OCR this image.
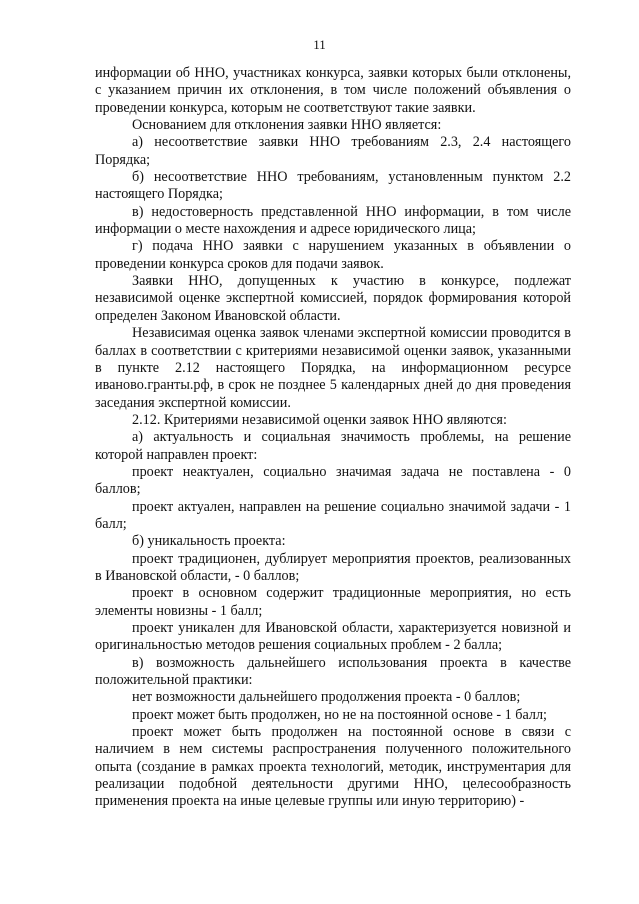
11

информации об ННО, участниках конкурса, заявки которых были отклонены, с указанием причин их отклонения, в том числе положений объявления о проведении конкурса, которым не соответствуют такие заявки.

Основанием для отклонения заявки ННО является:

а) несоответствие заявки ННО требованиям 2.3, 2.4 настоящего Порядка;

б) несоответствие ННО требованиям, установленным пунктом 2.2 настоящего Порядка;

в) недостоверность представленной ННО информации, в том числе информации о месте нахождения и адресе юридического лица;

г) подача ННО заявки с нарушением указанных в объявлении о проведении конкурса сроков для подачи заявок.

Заявки ННО, допущенных к участию в конкурсе, подлежат независимой оценке экспертной комиссией, порядок формирования которой определен Законом Ивановской области.

Независимая оценка заявок членами экспертной комиссии проводится в баллах в соответствии с критериями независимой оценки заявок, указанными в пункте 2.12 настоящего Порядка, на информационном ресурсе иваново.гранты.рф, в срок не позднее 5 календарных дней до дня проведения заседания экспертной комиссии.

2.12. Критериями независимой оценки заявок ННО являются:

а) актуальность и социальная значимость проблемы, на решение которой направлен проект:

проект неактуален, социально значимая задача не поставлена - 0 баллов;

проект актуален, направлен на решение социально значимой задачи - 1 балл;

б) уникальность проекта:

проект традиционен, дублирует мероприятия проектов, реализованных в Ивановской области, - 0 баллов;

проект в основном содержит традиционные мероприятия, но есть элементы новизны - 1 балл;

проект уникален для Ивановской области, характеризуется новизной и оригинальностью методов решения социальных проблем - 2 балла;

в) возможность дальнейшего использования проекта в качестве положительной практики:

нет возможности дальнейшего продолжения проекта - 0 баллов;

проект может быть продолжен, но не на постоянной основе - 1 балл;

проект может быть продолжен на постоянной основе в связи с наличием в нем системы распространения полученного положительного опыта (создание в рамках проекта технологий, методик, инструментария для реализации подобной деятельности другими ННО, целесообразность применения проекта на иные целевые группы или иную территорию) -
